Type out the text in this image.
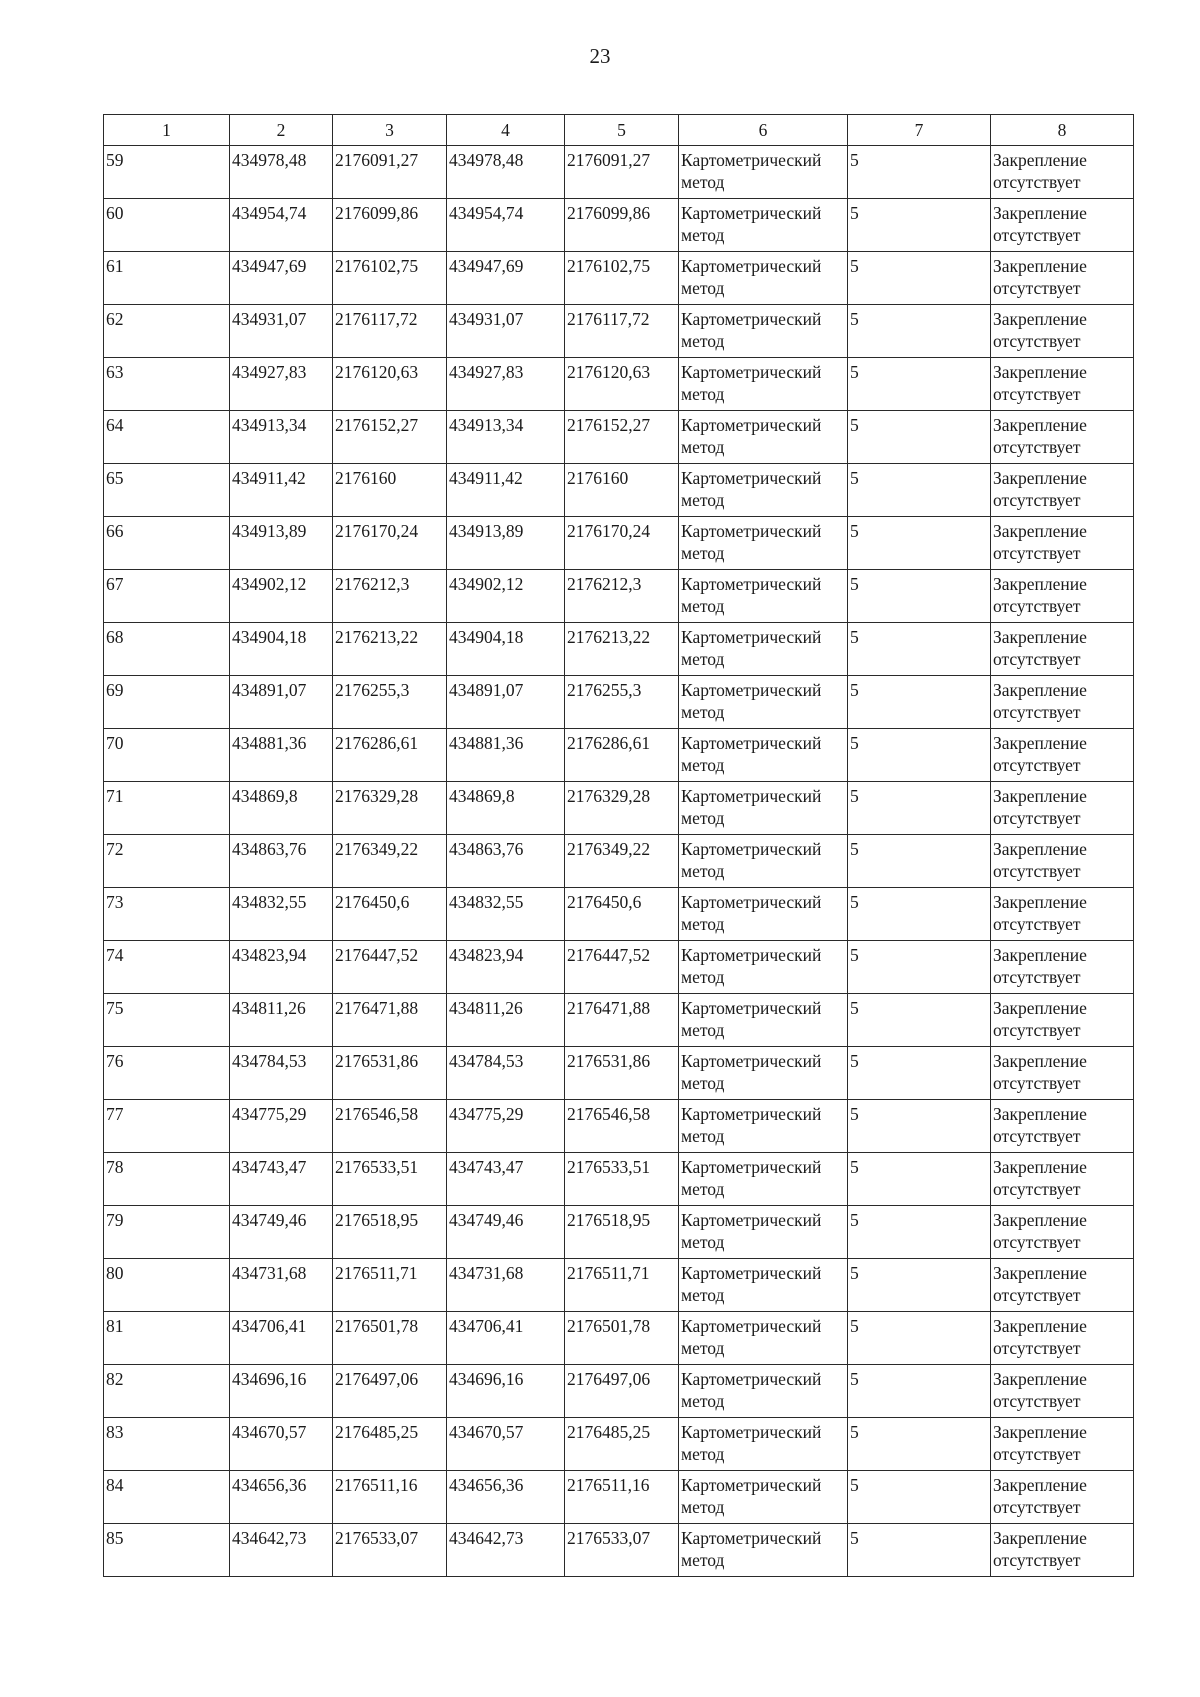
23
1	2	3	4	5	6	7	8
59	434978,48	2176091,27	434978,48	2176091,27	Картометрический метод	5	Закрепление отсутствует
60	434954,74	2176099,86	434954,74	2176099,86	Картометрический метод	5	Закрепление отсутствует
61	434947,69	2176102,75	434947,69	2176102,75	Картометрический метод	5	Закрепление отсутствует
62	434931,07	2176117,72	434931,07	2176117,72	Картометрический метод	5	Закрепление отсутствует
63	434927,83	2176120,63	434927,83	2176120,63	Картометрический метод	5	Закрепление отсутствует
64	434913,34	2176152,27	434913,34	2176152,27	Картометрический метод	5	Закрепление отсутствует
65	434911,42	2176160	434911,42	2176160	Картометрический метод	5	Закрепление отсутствует
66	434913,89	2176170,24	434913,89	2176170,24	Картометрический метод	5	Закрепление отсутствует
67	434902,12	2176212,3	434902,12	2176212,3	Картометрический метод	5	Закрепление отсутствует
68	434904,18	2176213,22	434904,18	2176213,22	Картометрический метод	5	Закрепление отсутствует
69	434891,07	2176255,3	434891,07	2176255,3	Картометрический метод	5	Закрепление отсутствует
70	434881,36	2176286,61	434881,36	2176286,61	Картометрический метод	5	Закрепление отсутствует
71	434869,8	2176329,28	434869,8	2176329,28	Картометрический метод	5	Закрепление отсутствует
72	434863,76	2176349,22	434863,76	2176349,22	Картометрический метод	5	Закрепление отсутствует
73	434832,55	2176450,6	434832,55	2176450,6	Картометрический метод	5	Закрепление отсутствует
74	434823,94	2176447,52	434823,94	2176447,52	Картометрический метод	5	Закрепление отсутствует
75	434811,26	2176471,88	434811,26	2176471,88	Картометрический метод	5	Закрепление отсутствует
76	434784,53	2176531,86	434784,53	2176531,86	Картометрический метод	5	Закрепление отсутствует
77	434775,29	2176546,58	434775,29	2176546,58	Картометрический метод	5	Закрепление отсутствует
78	434743,47	2176533,51	434743,47	2176533,51	Картометрический метод	5	Закрепление отсутствует
79	434749,46	2176518,95	434749,46	2176518,95	Картометрический метод	5	Закрепление отсутствует
80	434731,68	2176511,71	434731,68	2176511,71	Картометрический метод	5	Закрепление отсутствует
81	434706,41	2176501,78	434706,41	2176501,78	Картометрический метод	5	Закрепление отсутствует
82	434696,16	2176497,06	434696,16	2176497,06	Картометрический метод	5	Закрепление отсутствует
83	434670,57	2176485,25	434670,57	2176485,25	Картометрический метод	5	Закрепление отсутствует
84	434656,36	2176511,16	434656,36	2176511,16	Картометрический метод	5	Закрепление отсутствует
85	434642,73	2176533,07	434642,73	2176533,07	Картометрический метод	5	Закрепление отсутствует
